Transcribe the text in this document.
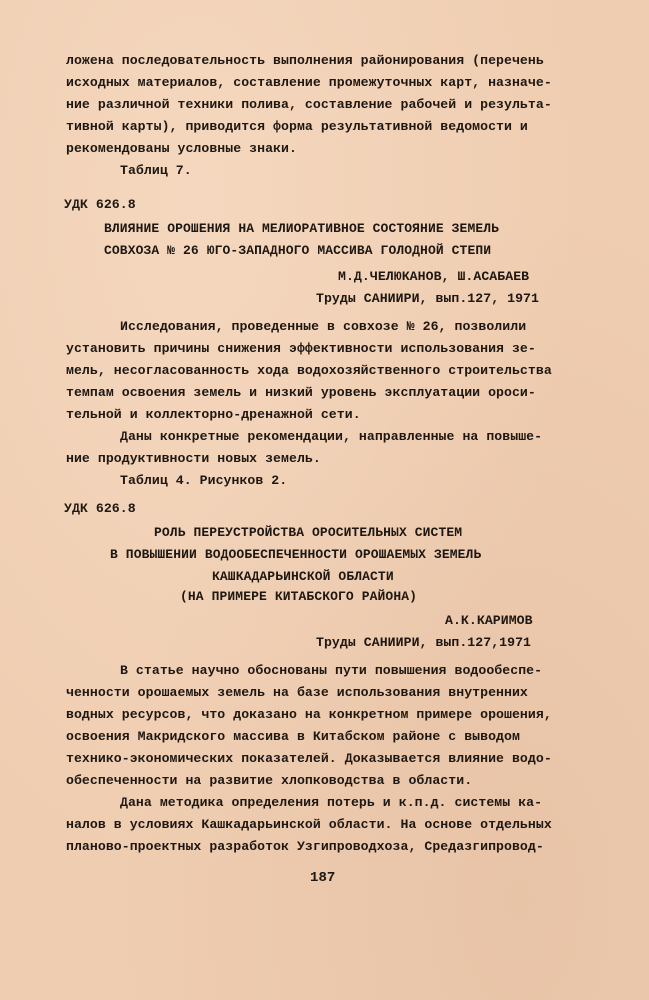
ложена последовательность выполнения районирования (перечень
исходных материалов, составление промежуточных карт, назначе-
ние различной техники полива, составление рабочей и результа-
тивной карты), приводится форма результативной ведомости и
рекомендованы условные знаки.
Таблиц 7.
УДК 626.8
ВЛИЯНИЕ ОРОШЕНИЯ НА МЕЛИОРАТИВНОЕ СОСТОЯНИЕ ЗЕМЕЛЬ
СОВХОЗА № 26 ЮГО-ЗАПАДНОГО МАССИВА ГОЛОДНОЙ СТЕПИ
М.Д.ЧЕЛЮКАНОВ, Ш.АСАБАЕВ
Труды САНИИРИ, вып.127, 1971
Исследования, проведенные в совхозе № 26, позволили
установить причины снижения эффективности использования зе-
мель, несогласованность хода водохозяйственного строительства
темпам освоения земель и низкий уровень эксплуатации ороси-
тельной и коллекторно-дренажной сети.
Даны конкретные рекомендации, направленные на повыше-
ние продуктивности новых земель.
Таблиц 4. Рисунков 2.
УДК 626.8
РОЛЬ ПЕРЕУСТРОЙСТВА ОРОСИТЕЛЬНЫХ СИСТЕМ
В ПОВЫШЕНИИ ВОДООБЕСПЕЧЕННОСТИ ОРОШАЕМЫХ ЗЕМЕЛЬ
КАШКАДАРЬИНСКОЙ ОБЛАСТИ
(НА ПРИМЕРЕ КИТАБСКОГО РАЙОНА)
А.К.КАРИМОВ
Труды САНИИРИ, вып.127,1971
В статье научно обоснованы пути повышения водообеспе-
ченности орошаемых земель на базе использования внутренних
водных ресурсов, что доказано на конкретном примере орошения,
освоения Макридского массива в Китабском районе с выводом
технико-экономических показателей. Доказывается влияние водо-
обеспеченности на развитие хлопководства в области.
Дана методика определения потерь и к.п.д. системы ка-
налов в условиях Кашкадарьинской области. На основе отдельных
планово-проектных разработок Узгипроводхоза, Средазгипровод-
187
